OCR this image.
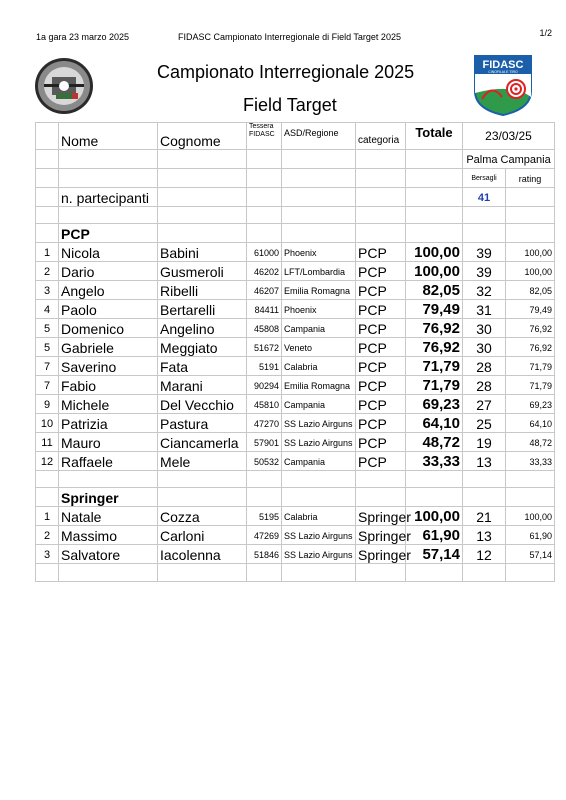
1a gara 23 marzo 2025	FIDASC Campionato Interregionale di Field Target 2025	1/2
FIDASC
CINOFILIA E TIRO
Campionato Interregionale 2025
Field Target
	Nome	Cognome	Tessera FIDASC	ASD/Regione	categoria	Totale	23/03/25	
							Palma Campania	
							Bersagli	rating
	n. partecipanti						41	

	PCP							
1	Nicola	Babini	61000	Phoenix	PCP	100,00	39	100,00
2	Dario	Gusmeroli	46202	LFT/Lombardia	PCP	100,00	39	100,00
3	Angelo	Ribelli	46207	Emilia Romagna	PCP	82,05	32	82,05
4	Paolo	Bertarelli	84411	Phoenix	PCP	79,49	31	79,49
5	Domenico	Angelino	45808	Campania	PCP	76,92	30	76,92
5	Gabriele	Meggiato	51672	Veneto	PCP	76,92	30	76,92
7	Saverino	Fata	5191	Calabria	PCP	71,79	28	71,79
7	Fabio	Marani	90294	Emilia Romagna	PCP	71,79	28	71,79
9	Michele	Del Vecchio	45810	Campania	PCP	69,23	27	69,23
10	Patrizia	Pastura	47270	SS Lazio Airguns	PCP	64,10	25	64,10
11	Mauro	Ciancamerla	57901	SS Lazio Airguns	PCP	48,72	19	48,72
12	Raffaele	Mele	50532	Campania	PCP	33,33	13	33,33

	Springer							
1	Natale	Cozza	5195	Calabria	Springer	100,00	21	100,00
2	Massimo	Carloni	47269	SS Lazio Airguns	Springer	61,90	13	61,90
3	Salvatore	Iacolenna	51846	SS Lazio Airguns	Springer	57,14	12	57,14
